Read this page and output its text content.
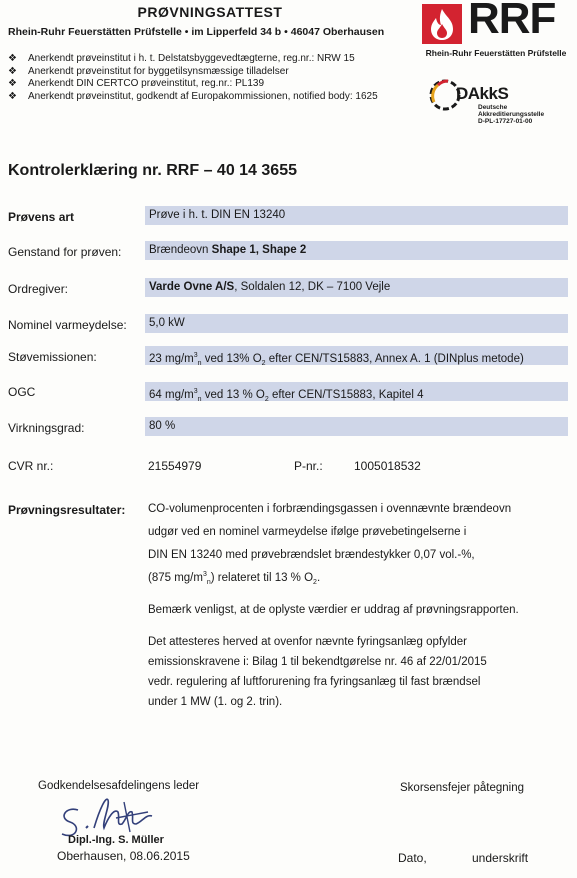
PRØVNINGSATTEST
Rhein-Ruhr Feuerstätten Prüfstelle • im Lipperfeld 34 b • 46047 Oberhausen
❖ Anerkendt prøveinstitut i h. t. Delstatsbyggevedtægterne, reg.nr.: NRW 15
❖ Anerkendt prøveinstitut for byggetilsynsmæssige tilladelser
❖ Anerkendt DIN CERTCO prøveinstitut, reg.nr.: PL139
❖ Anerkendt prøveinstitut, godkendt af Europakommissionen, notified body: 1625
RRF
Rhein-Ruhr Feuerstätten Prüfstelle
DAkkS
Deutsche
Akkreditierungsstelle
D-PL-17727-01-00
Kontrolerklæring nr. RRF – 40 14 3655
Prøvens art	Prøve i h. t. DIN EN 13240
Genstand for prøven:	Brændeovn Shape 1, Shape 2
Ordregiver:	Varde Ovne A/S, Soldalen 12, DK – 7100 Vejle
Nominel varmeydelse:	5,0 kW
Støvemissionen:	23 $mg/m^3_n$ ved 13% $O_2$ efter CEN/TS15883, Annex A. 1 (DINplus metode)
OGC	64 $mg/m^3_n$ ved 13 % $O_2$ efter CEN/TS15883, Kapitel 4
Virkningsgrad:	80 %
CVR nr.:	21554979	P-nr.:	1005018532
Prøvningsresultater: CO-volumenprocenten i forbrændingsgassen i ovennævnte brændeovn
udgør ved en nominel varmeydelse ifølge prøvebetingelserne i
DIN EN 13240 med prøvebrændslet brændestykker 0,07 vol.-%,
(875 $mg/m^3_n$) relateret til 13 % $O_2$.
Bemærk venligst, at de oplyste værdier er uddrag af prøvningsrapporten.
Det attesteres herved at ovenfor nævnte fyringsanlæg opfylder
emissionskravene i: Bilag 1 til bekendtgørelse nr. 46 af 22/01/2015
vedr. regulering af luftforurening fra fyringsanlæg til fast brændsel
under 1 MW (1. og 2. trin).
Godkendelsesafdelingens leder	Skorsensfejer påtegning
Dipl.-Ing. S. Müller
Oberhausen, 08.06.2015	Dato,	underskrift
